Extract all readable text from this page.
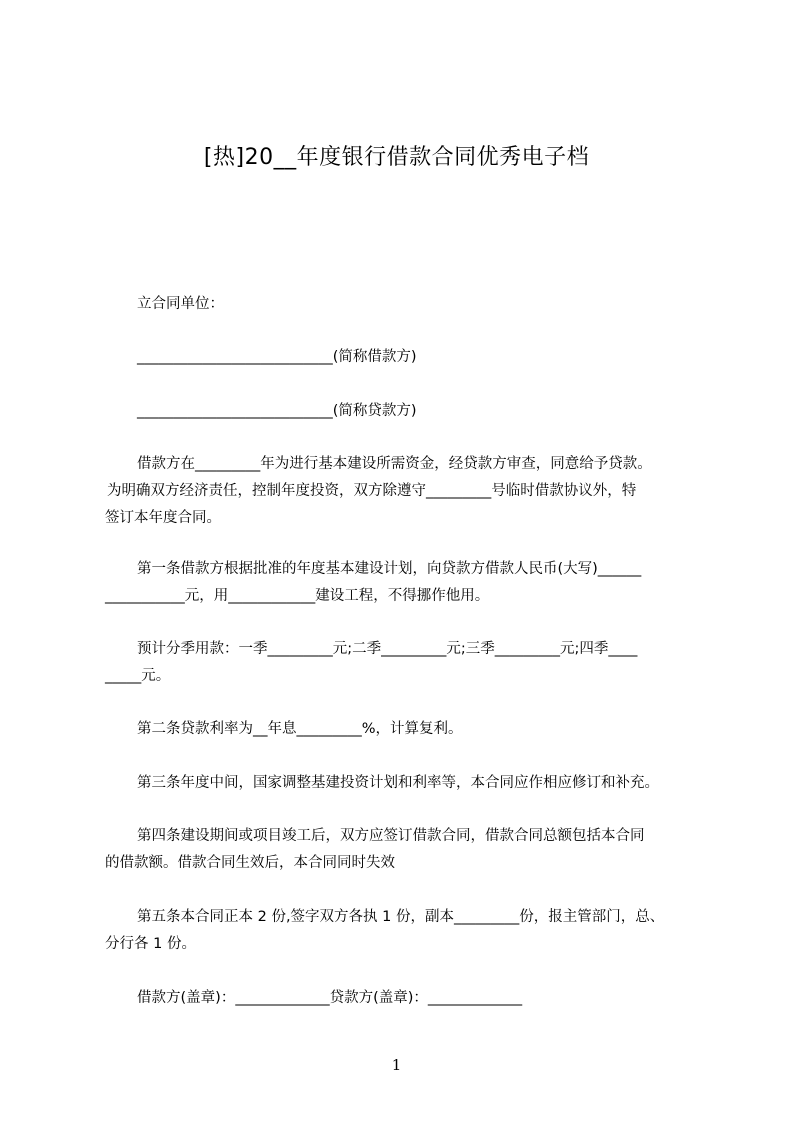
[热]20__年度银行借款合同优秀电子档
立合同单位：
___________________________(简称借款方)
___________________________(简称贷款方)
借款方在_________年为进行基本建设所需资金，经贷款方审查，同意给予贷款。
为明确双方经济责任，控制年度投资，双方除遵守_________号临时借款协议外，特
签订本年度合同。
第一条借款方根据批准的年度基本建设计划，向贷款方借款人民币(大写)______
___________元，用____________建设工程，不得挪作他用。
预计分季用款：一季_________元;二季_________元;三季_________元;四季____
_____元。
第二条贷款利率为__年息_________%，计算复利。
第三条年度中间，国家调整基建投资计划和利率等，本合同应作相应修订和补充。
第四条建设期间或项目竣工后，双方应签订借款合同，借款合同总额包括本合同
的借款额。借款合同生效后，本合同同时失效
第五条本合同正本 2 份,签字双方各执 1 份，副本_________份，报主管部门，总、
分行各 1 份。
借款方(盖章)：_____________贷款方(盖章)：_____________
1
